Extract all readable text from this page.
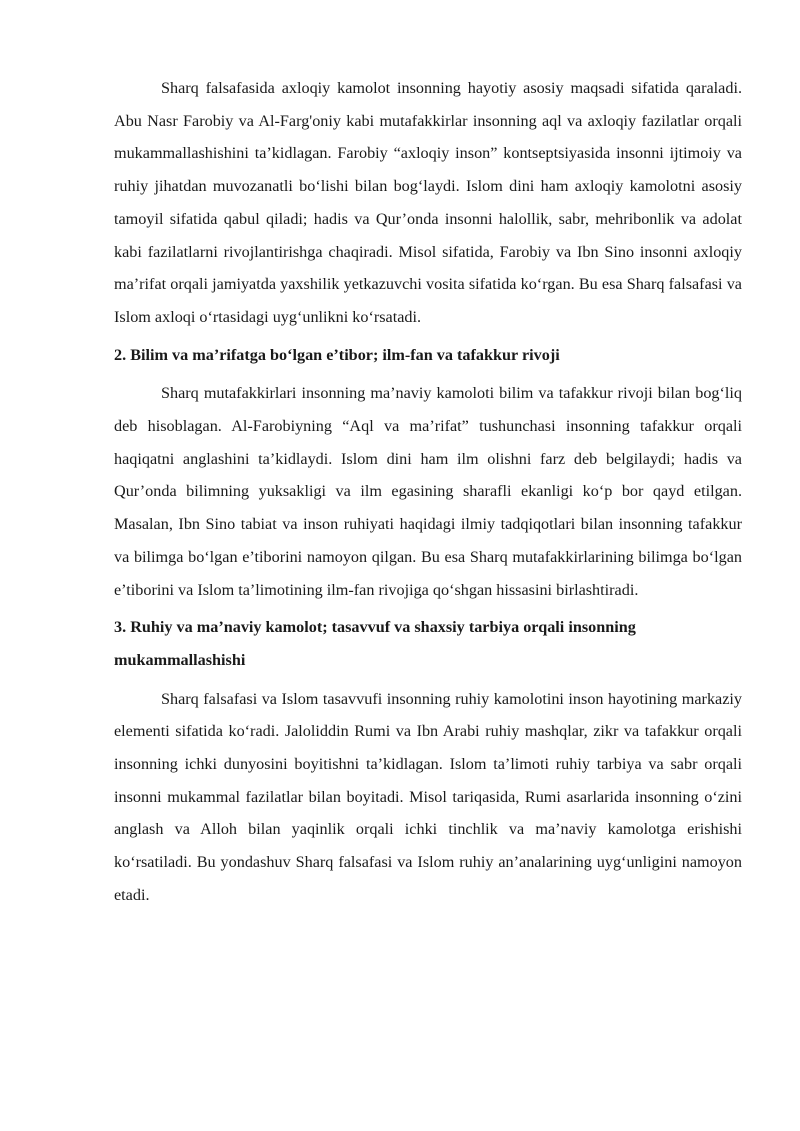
Sharq falsafasida axloqiy kamolot insonning hayotiy asosiy maqsadi sifatida qaraladi. Abu Nasr Farobiy va Al-Farg'oniy kabi mutafakkirlar insonning aql va axloqiy fazilatlar orqali mukammallashishini ta’kidlagan. Farobiy “axloqiy inson” kontseptsiyasida insonni ijtimoiy va ruhiy jihatdan muvozanatli bo‘lishi bilan bog‘laydi. Islom dini ham axloqiy kamolotni asosiy tamoyil sifatida qabul qiladi; hadis va Qur’onda insonni halollik, sabr, mehribonlik va adolat kabi fazilatlarni rivojlantirishga chaqiradi. Misol sifatida, Farobiy va Ibn Sino insonni axloqiy ma’rifat orqali jamiyatda yaxshilik yetkazuvchi vosita sifatida ko‘rgan. Bu esa Sharq falsafasi va Islom axloqi o‘rtasidagi uyg‘unlikni ko‘rsatadi.

2. Bilim va ma’rifatga bo‘lgan e’tibor; ilm-fan va tafakkur rivoji

Sharq mutafakkirlari insonning ma’naviy kamoloti bilim va tafakkur rivoji bilan bog‘liq deb hisoblagan. Al-Farobiyning “Aql va ma’rifat” tushunchasi insonning tafakkur orqali haqiqatni anglashini ta’kidlaydi. Islom dini ham ilm olishni farz deb belgilaydi; hadis va Qur’onda bilimning yuksakligi va ilm egasining sharafli ekanligi ko‘p bor qayd etilgan. Masalan, Ibn Sino tabiat va inson ruhiyati haqidagi ilmiy tadqiqotlari bilan insonning tafakkur va bilimga bo‘lgan e’tiborini namoyon qilgan. Bu esa Sharq mutafakkirlarining bilimga bo‘lgan e’tiborini va Islom ta’limotining ilm-fan rivojiga qo‘shgan hissasini birlashtiradi.

3. Ruhiy va ma’naviy kamolot; tasavvuf va shaxsiy tarbiya orqali insonning mukammallashishi

Sharq falsafasi va Islom tasavvufi insonning ruhiy kamolotini inson hayotining markaziy elementi sifatida ko‘radi. Jaloliddin Rumi va Ibn Arabi ruhiy mashqlar, zikr va tafakkur orqali insonning ichki dunyosini boyitishni ta’kidlagan. Islom ta’limoti ruhiy tarbiya va sabr orqali insonni mukammal fazilatlar bilan boyitadi. Misol tariqasida, Rumi asarlarida insonning o‘zini anglash va Alloh bilan yaqinlik orqali ichki tinchlik va ma’naviy kamolotga erishishi ko‘rsatiladi. Bu yondashuv Sharq falsafasi va Islom ruhiy an’analarining uyg‘unligini namoyon etadi.
